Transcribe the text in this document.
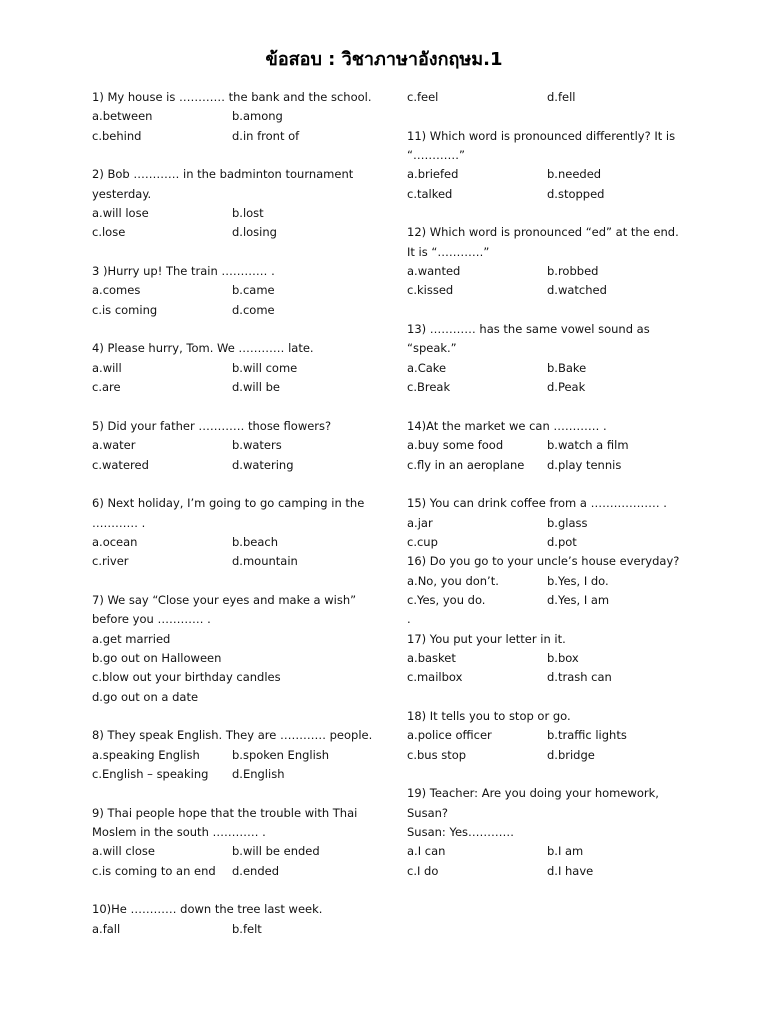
ข้อสอบ : วิชาภาษาอังกฤษม.1
1) My house is ………… the bank and the school.
a.between	b.among
c.behind	d.in front of
2) Bob ………… in the badminton tournament
yesterday.
a.will lose	b.lost
c.lose	d.losing
3 )Hurry up! The train ………… .
a.comes	b.came
c.is coming	d.come
4) Please hurry, Tom. We ………… late.
a.will	b.will come
c.are	d.will be
5) Did your father ………… those flowers?
a.water	b.waters
c.watered	d.watering
6) Next holiday, I’m going to go camping in the
………… .
a.ocean	b.beach
c.river	d.mountain
7) We say “Close your eyes and make a wish”
before you ………… .
a.get married
b.go out on Halloween
c.blow out your birthday candles
d.go out on a date
8) They speak English. They are ………… people.
a.speaking English	b.spoken English
c.English – speaking d.English
9) Thai people hope that the trouble with Thai
Moslem in the south ………… .
a.will close	b.will be ended
c.is coming to an end d.ended
10)He ………… down the tree last week.
a.fall	b.felt
c.feel	d.fell
11) Which word is pronounced differently? It is
“…………”
a.briefed	b.needed
c.talked	d.stopped
12) Which word is pronounced “ed” at the end.
It is “…………”
a.wanted	b.robbed
c.kissed	d.watched
13) ………… has the same vowel sound as
“speak.”
a.Cake	b.Bake
c.Break	d.Peak
14)At the market we can ………… .
a.buy some food	b.watch a film
c.fly in an aeroplane d.play tennis
15) You can drink coffee from a ……………… .
a.jar	b.glass
c.cup	d.pot
16) Do you go to your uncle’s house everyday?
a.No, you don’t.	b.Yes, I do.
c.Yes, you do.	d.Yes, I am
.
17) You put your letter in it.
a.basket	b.box
c.mailbox	d.trash can
18) It tells you to stop or go.
a.police officer	b.traffic lights
c.bus stop	d.bridge
19) Teacher: Are you doing your homework,
Susan?
Susan: Yes…………
a.I can	b.I am
c.I do	d.I have
